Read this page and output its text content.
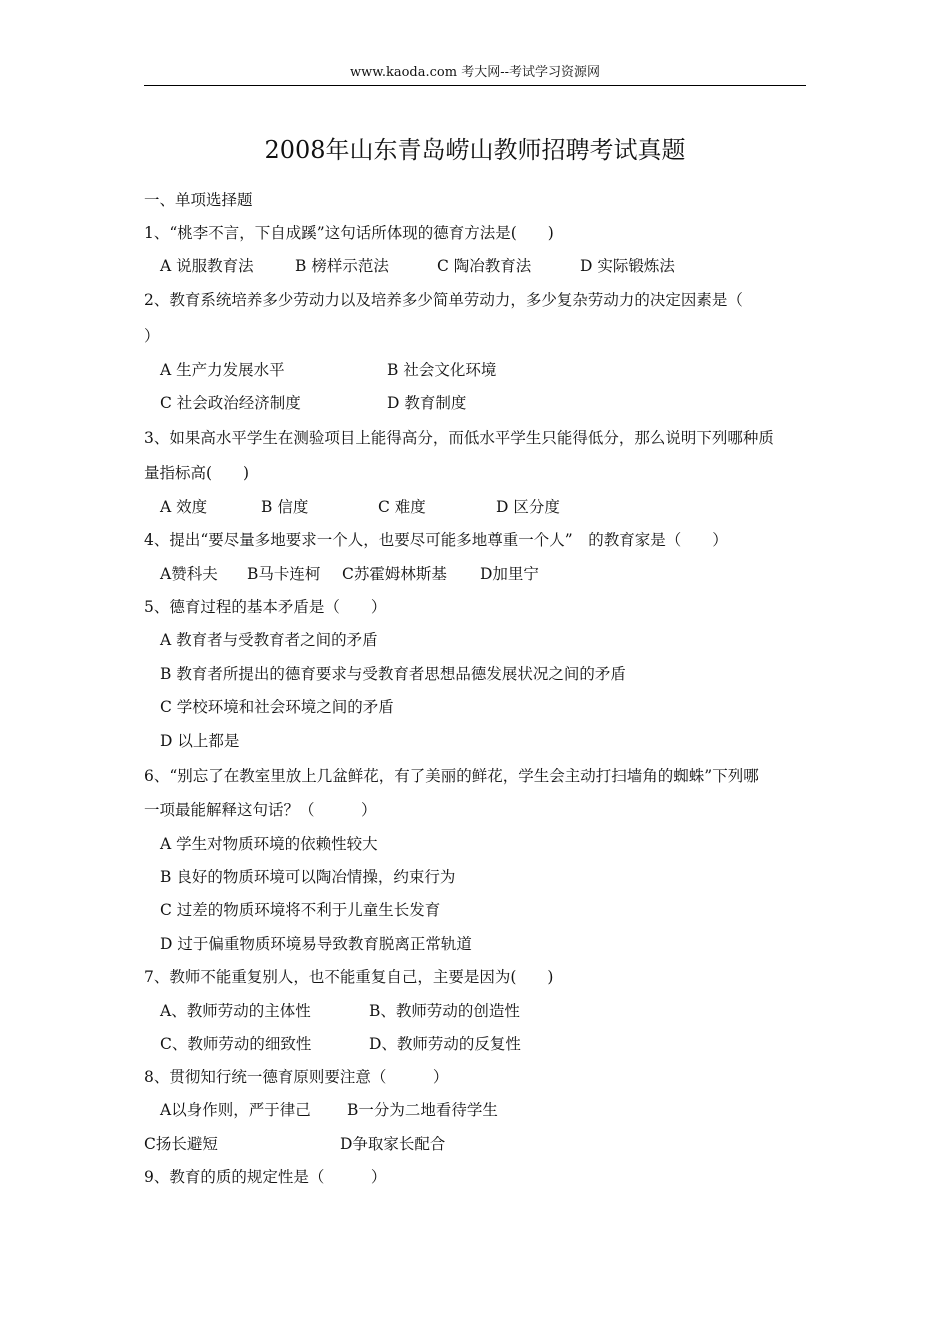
www.kaoda.com 考大网--考试学习资源网
2008年山东青岛崂山教师招聘考试真题
一、单项选择题
1、“桃李不言，下自成蹊”这句话所体现的德育方法是(　　)
A 说服教育法	B 榜样示范法	C 陶冶教育法	D 实际锻炼法
2、教育系统培养多少劳动力以及培养多少简单劳动力，多少复杂劳动力的决定因素是（
）
A 生产力发展水平	B 社会文化环境
C 社会政治经济制度	D 教育制度
3、如果高水平学生在测验项目上能得高分，而低水平学生只能得低分，那么说明下列哪种质
量指标高(　　)
A 效度	B 信度	C 难度	D 区分度
4、提出“要尽量多地要求一个人，也要尽可能多地尊重一个人”　的教育家是（　　）
A赞科夫 B马卡连柯 C苏霍姆林斯基 D加里宁
5、德育过程的基本矛盾是（　　）
A 教育者与受教育者之间的矛盾
B 教育者所提出的德育要求与受教育者思想品德发展状况之间的矛盾
C 学校环境和社会环境之间的矛盾
D 以上都是
6、“别忘了在教室里放上几盆鲜花，有了美丽的鲜花，学生会主动打扫墙角的蜘蛛”下列哪
一项最能解释这句话？（　　　）
A 学生对物质环境的依赖性较大
B 良好的物质环境可以陶冶情操，约束行为
C 过差的物质环境将不利于儿童生长发育
D 过于偏重物质环境易导致教育脱离正常轨道
7、教师不能重复别人，也不能重复自己，主要是因为(　　)
A、教师劳动的主体性	B、教师劳动的创造性
C、教师劳动的细致性	D、教师劳动的反复性
8、贯彻知行统一德育原则要注意（　　　）
A以身作则，严于律己 B一分为二地看待学生
C扬长避短	D争取家长配合
9、教育的质的规定性是（　　　）
